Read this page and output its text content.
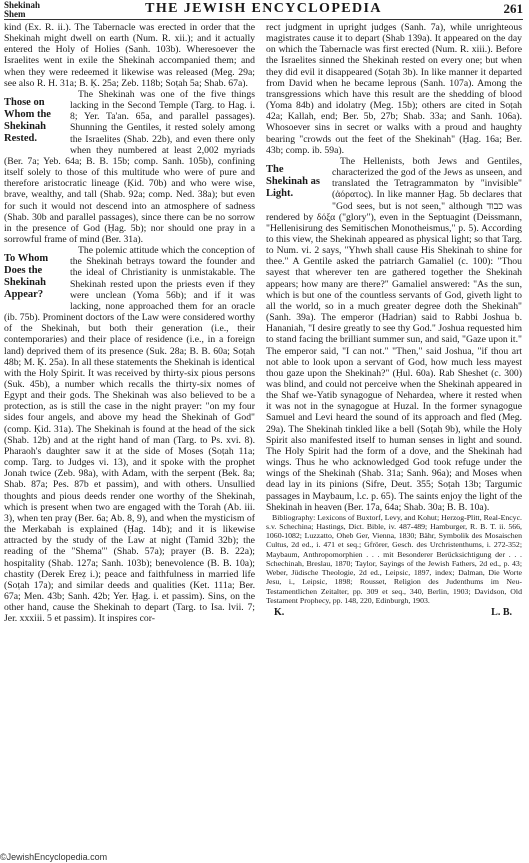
Shekinah
Shem	THE JEWISH ENCYCLOPEDIA	261

kind (Ex. R. ii.). The Tabernacle was erected in order that the Shekinah might dwell on earth (Num. R. xii.); and it actually entered the Holy of Holies (Sanh. 103b). Wheresoever the Israelites went in exile the Shekinah accompanied them; and when they were redeemed it likewise was released (Meg. 29a; see also R. H. 31a; B. Ḳ. 25a; Zeb. 118b; Soṭah 5a; Shab. 67a).

Those on Whom the Shekinah Rested.

The Shekinah was one of the five things lacking in the Second Temple (Targ. to Hag. i. 8; Yer. Ta'an. 65a, and parallel passages). Shunning the Gentiles, it rested solely among the Israelites (Shab. 22b), and even there only when they numbered at least 2,002 myriads (Ber. 7a; Yeb. 64a; B. B. 15b; comp. Sanh. 105b), confining itself solely to those of this multitude who were of pure and therefore aristocratic lineage (Ḳid. 70b) and who were wise, brave, wealthy, and tall (Shab. 92a; comp. Ned. 38a); but even for such it would not descend into an atmosphere of sadness (Shab. 30b and parallel passages), since there can be no sorrow in the presence of God (Ḥag. 5b); nor should one pray in a sorrowful frame of mind (Ber. 31a).

To Whom Does the Shekinah Appear?

The polemic attitude which the conception of the Shekinah betrays toward the founder and the ideal of Christianity is unmistakable. The Shekinah rested upon the priests even if they were unclean (Yoma 56b); and if it was lacking, none approached them for an oracle (ib. 75b). Prominent doctors of the Law were considered worthy of the Shekinah, but both their generation (i.e., their contemporaries) and their place of residence (i.e., in a foreign land) deprived them of its presence (Suk. 28a; B. B. 60a; Soṭah 48b; M. Ḳ. 25a). In all these statements the Shekinah is identical with the Holy Spirit. It was received by thirty-six pious persons (Suk. 45b), a number which recalls the thirty-six nomes of Egypt and their gods. The Shekinah was also believed to be a protection, as is still the case in the night prayer: "on my four sides four angels, and above my head the Shekinah of God" (comp. Ḳid. 31a). The Shekinah is found at the head of the sick (Shab. 12b) and at the right hand of man (Targ. to Ps. xvi. 8). Pharaoh's daughter saw it at the side of Moses (Soṭah 11a; comp. Targ. to Judges vi. 13), and it spoke with the prophet Jonah twice (Zeb. 98a), with Adam, with the serpent (Bek. 8a; Shab. 87a; Pes. 87b et passim), and with others. Unsullied thoughts and pious deeds render one worthy of the Shekinah, which is present when two are engaged with the Torah (Ab. iii. 3), when ten pray (Ber. 6a; Ab. 8, 9), and when the mysticism of the Merkabah is explained (Ḥag. 14b); and it is likewise attracted by the study of the Law at night (Tamid 32b); the reading of the "Shema'" (Shab. 57a); prayer (B. B. 22a); hospitality (Shab. 127a; Sanh. 103b); benevolence (B. B. 10a); chastity (Derek Ereẓ i.); peace and faithfulness in married life (Soṭah 17a); and similar deeds and qualities (Ket. 111a; Ber. 67a; Men. 43b; Sanh. 42b; Yer. Ḥag. i. et passim). Sins, on the other hand, cause the Shekinah to depart (Targ. to Isa. lvii. 7; Jer. xxxiii. 5 et passim). It inspires cor-

rect judgment in upright judges (Sanh. 7a), while unrighteous magistrates cause it to depart (Shab 139a). It appeared on the day on which the Tabernacle was first erected (Num. R. xiii.). Before the Israelites sinned the Shekinah rested on every one; but when they did evil it disappeared (Soṭah 3b). In like manner it departed from David when he became leprous (Sanh. 107a). Among the transgressions which have this result are the shedding of blood (Yoma 84b) and idolatry (Meg. 15b); others are cited in Soṭah 42a; Kallah, end; Ber. 5b, 27b; Shab. 33a; and Sanh. 106a). Whosoever sins in secret or walks with a proud and haughty bearing "crowds out the feet of the Shekinah" (Ḥag. 16a; Ber. 43b; comp. ib. 59a).

The Shekinah as Light.

The Hellenists, both Jews and Gentiles, characterized the god of the Jews as unseen, and translated the Tetragrammaton by "invisible" (ἀόρατος). In like manner Ḥag. 5b declares that "God sees, but is not seen," although כבוד was rendered by δόξα ("glory"), even in the Septuagint (Deissmann, "Hellenisirung des Semitischen Monotheismus," p. 5). According to this view, the Shekinah appeared as physical light; so that Targ. to Num. vi. 2 says, "Yhwh shall cause His Shekinah to shine for thee." A Gentile asked the patriarch Gamaliel (c. 100): "Thou sayest that wherever ten are gathered together the Shekinah appears; how many are there?" Gamaliel answered: "As the sun, which is but one of the countless servants of God, giveth light to all the world, so in a much greater degree doth the Shekinah" (Sanh. 39a). The emperor (Hadrian) said to Rabbi Joshua b. Hananiah, "I desire greatly to see thy God." Joshua requested him to stand facing the brilliant summer sun, and said, "Gaze upon it." The emperor said, "I can not." "Then," said Joshua, "if thou art not able to look upon a servant of God, how much less mayest thou gaze upon the Shekinah?" (Ḥul. 60a). Rab Sheshet (c. 300) was blind, and could not perceive when the Shekinah appeared in the Shaf we-Yatib synagogue of Nehardea, where it rested when it was not in the synagogue at Huzal. In the former synagogue Samuel and Levi heard the sound of its approach and fled (Meg. 29a). The Shekinah tinkled like a bell (Soṭah 9b), while the Holy Spirit also manifested itself to human senses in light and sound. The Holy Spirit had the form of a dove, and the Shekinah had wings. Thus he who acknowledged God took refuge under the wings of the Shekinah (Shab. 31a; Sanh. 96a); and Moses when dead lay in its pinions (Sifre, Deut. 355; Soṭah 13b; Targumic passages in Maybaum, l.c. p. 65). The saints enjoy the light of the Shekinah in heaven (Ber. 17a, 64a; Shab. 30a; B. B. 10a).

Bibliography: Lexicons of Buxtorf, Levy, and Kohut; Herzog-Plitt, Real-Encyc. s.v. Schechina; Hastings, Dict. Bible, iv. 487-489; Hamburger, R. B. T. ii. 566, 1060-1082; Luzzatto, Oheb Ger, Vienna, 1830; Bähr, Symbolik des Mosaischen Cultus, 2d ed., i. 471 et seq.; Gfrörer, Gesch. des Urchristenthums, i. 272-352; Maybaum, Anthropomorphien . . . mit Besonderer Berücksichtigung der . . . Schechinah, Breslau, 1870; Taylor, Sayings of the Jewish Fathers, 2d ed., p. 43; Weber, Jüdische Theologie, 2d ed., Leipsic, 1897, index; Dalman, Die Worte Jesu, i., Leipsic, 1898; Rousset, Religion des Judenthums im Neu-Testamentlichen Zeitalter, pp. 309 et seq., 340, Berlin, 1903; Davidson, Old Testament Prophecy, pp. 148, 220, Edinburgh, 1903.

K.	L. B.
©JewishEncyclopedia.com
